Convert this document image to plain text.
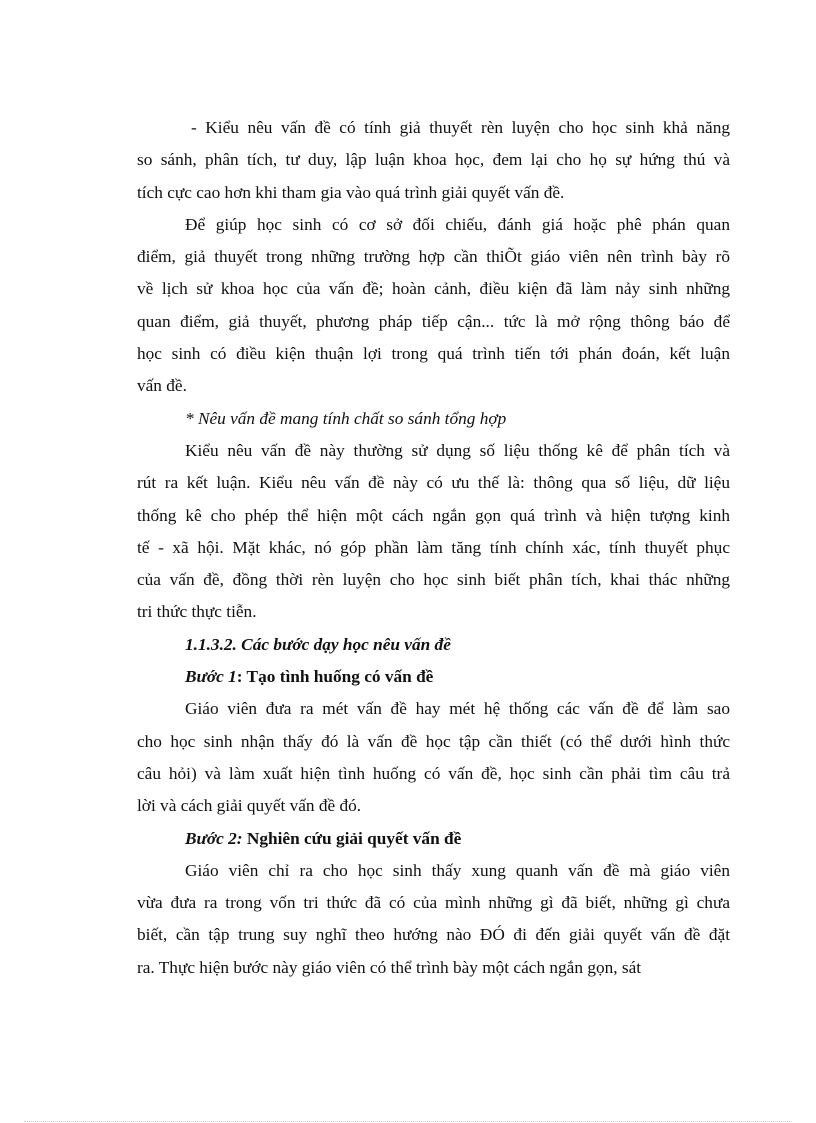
- Kiểu nêu vấn đề có tính giả thuyết rèn luyện cho học sinh khả năng
so sánh, phân tích, tư duy, lập luận khoa học, đem lại cho họ sự hứng thú và
tích cực cao hơn khi tham gia vào quá trình giải quyết vấn đề.
Để giúp học sinh có cơ sở đối chiếu, đánh giá hoặc phê phán quan
điểm, giả thuyết trong những trường hợp cần thiÕt giáo viên nên trình bày rõ
về lịch sử khoa học của vấn đề; hoàn cảnh, điều kiện đã làm nảy sinh những
quan điểm, giả thuyết, phương pháp tiếp cận... tức là mở rộng thông báo để
học sinh có điều kiện thuận lợi trong quá trình tiến tới phán đoán, kết luận
vấn đề.
* Nêu vấn đề mang tính chất so sánh tổng hợp
Kiểu nêu vấn đề này thường sử dụng số liệu thống kê để phân tích và
rút ra kết luận. Kiểu nêu vấn đề này có ưu thế là: thông qua số liệu, dữ liệu
thống kê cho phép thể hiện một cách ngắn gọn quá trình và hiện tượng kinh
tế - xã hội. Mặt khác, nó góp phần làm tăng tính chính xác, tính thuyết phục
của vấn đề, đồng thời rèn luyện cho học sinh biết phân tích, khai thác những
tri thức thực tiễn.
1.1.3.2. Các bước dạy học nêu vấn đề
Bước 1: Tạo tình huống có vấn đề
Giáo viên đưa ra mét vấn đề hay mét hệ thống các vấn đề để làm sao
cho học sinh nhận thấy đó là vấn đề học tập cần thiết (có thể dưới hình thức
câu hỏi) và làm xuất hiện tình huống có vấn đề, học sinh cần phải tìm câu trả
lời và cách giải quyết vấn đề đó.
Bước 2: Nghiên cứu giải quyết vấn đề
Giáo viên chỉ ra cho học sinh thấy xung quanh vấn đề mà giáo viên
vừa đưa ra trong vốn tri thức đã có của mình những gì đã biết, những gì chưa
biết, cần tập trung suy nghĩ theo hướng nào ĐÓ đi đến giải quyết vấn đề đặt
ra. Thực hiện bước này giáo viên có thể trình bày một cách ngắn gọn, sát
